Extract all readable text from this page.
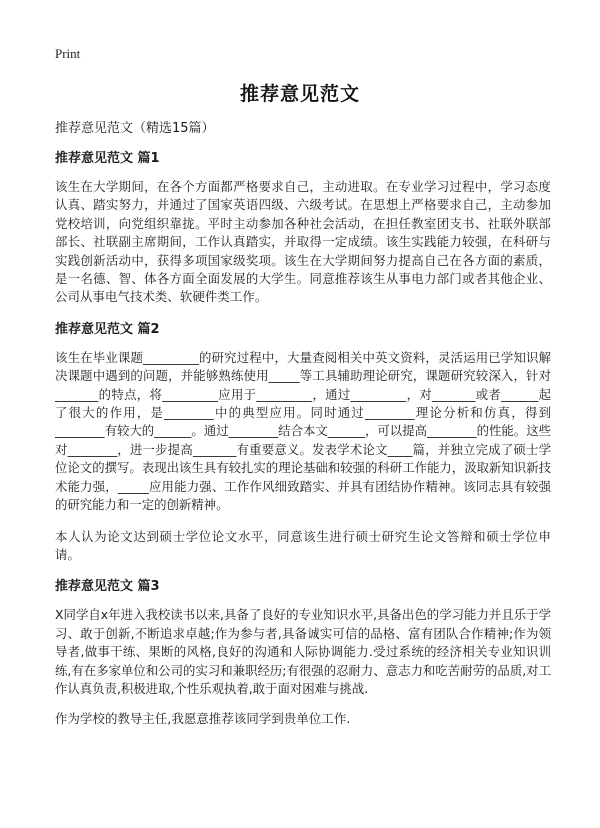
Print
推荐意见范文
推荐意见范文（精选15篇）
推荐意见范文 篇1

该生在大学期间，在各个方面都严格要求自己，主动进取。在专业学习过程中，学习态度认真、踏实努力，并通过了国家英语四级、六级考试。在思想上严格要求自己，主动参加党校培训，向党组织靠拢。平时主动参加各种社会活动，在担任教室团支书、社联外联部部长、社联副主席期间，工作认真踏实，并取得一定成绩。该生实践能力较强，在科研与实践创新活动中，获得多项国家级奖项。该生在大学期间努力提高自己在各方面的素质，是一名德、智、体各方面全面发展的大学生。同意推荐该生从事电力部门或者其他企业、公司从事电气技术类、软硬件类工作。

推荐意见范文 篇2

该生在毕业课题_________的研究过程中，大量查阅相关中英文资料，灵活运用已学知识解决课题中遇到的问题，并能够熟练使用_____等工具辅助理论研究，课题研究较深入，针对_______的特点，将_________应用于_________，通过_________，对_______或者______起了很大的作用，是________中的典型应用。同时通过________理论分析和仿真，得到________有较大的______。通过________结合本文______，可以提高________的性能。这些对________，进一步提高_______有重要意义。发表学术论文____篇，并独立完成了硕士学位论文的撰写。表现出该生具有较扎实的理论基础和较强的科研工作能力，汲取新知识新技术能力强，_____应用能力强、工作作风细致踏实、并具有团结协作精神。该同志具有较强的研究能力和一定的创新精神。

本人认为论文达到硕士学位论文水平，同意该生进行硕士研究生论文答辩和硕士学位申请。

推荐意见范文 篇3

X同学自x年进入我校读书以来,具备了良好的专业知识水平,具备出色的学习能力并且乐于学习、敢于创新,不断追求卓越;作为参与者,具备诚实可信的品格、富有团队合作精神;作为领导者,做事干练、果断的风格,良好的沟通和人际协调能力.受过系统的经济相关专业知识训练,有在多家单位和公司的实习和兼职经历;有很强的忍耐力、意志力和吃苦耐劳的品质,对工作认真负责,积极进取,个性乐观执着,敢于面对困难与挑战.

作为学校的教导主任,我愿意推荐该同学到贵单位工作.
